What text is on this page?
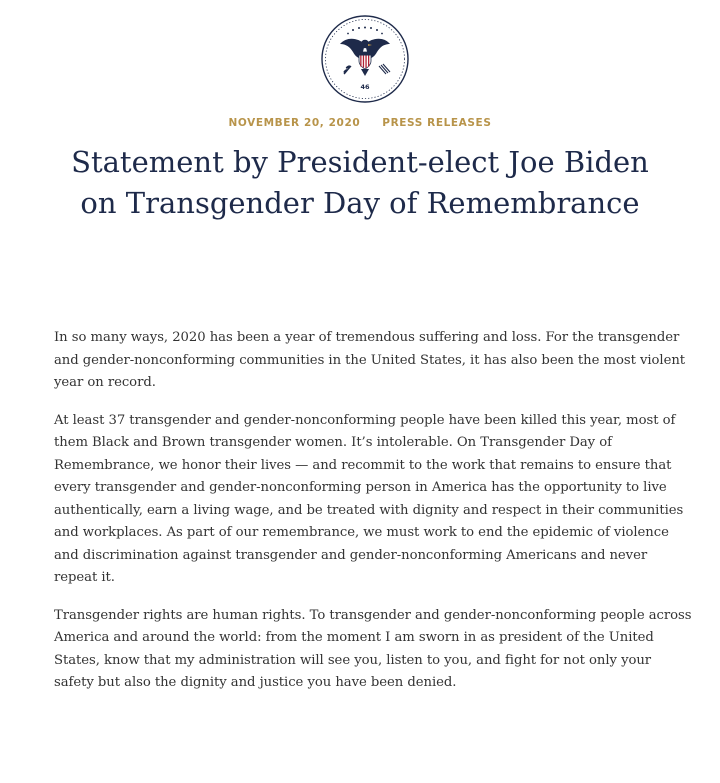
46
NOVEMBER 20, 2020 PRESS RELEASES
Statement by President-elect Joe Biden on Transgender Day of Remembrance

In so many ways, 2020 has been a year of tremendous suffering and loss. For the transgender and gender-nonconforming communities in the United States, it has also been the most violent year on record.

At least 37 transgender and gender-nonconforming people have been killed this year, most of them Black and Brown transgender women. It’s intolerable. On Transgender Day of Remembrance, we honor their lives — and recommit to the work that remains to ensure that every transgender and gender-nonconforming person in America has the opportunity to live authentically, earn a living wage, and be treated with dignity and respect in their communities and workplaces. As part of our remembrance, we must work to end the epidemic of violence and discrimination against transgender and gender-nonconforming Americans and never repeat it.

Transgender rights are human rights. To transgender and gender-nonconforming people across America and around the world: from the moment I am sworn in as president of the United States, know that my administration will see you, listen to you, and fight for not only your safety but also the dignity and justice you have been denied.
